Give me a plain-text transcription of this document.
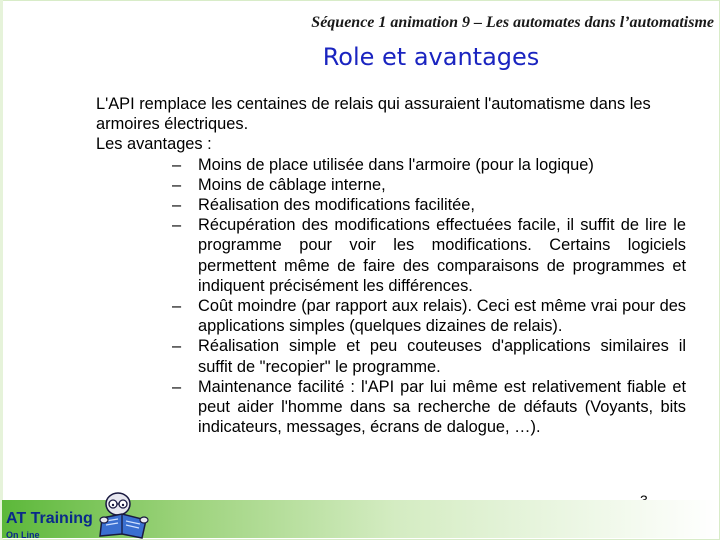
Séquence 1 animation 9 – Les automates dans l’automatisme
Role et avantages

L'API remplace les centaines de relais qui assuraient l'automatisme dans les armoires électriques.

Les avantages :

– Moins de place utilisée dans l'armoire (pour la logique)
– Moins de câblage interne,
– Réalisation des modifications facilitée,
– Récupération des modifications effectuées facile, il suffit de lire le programme pour voir les modifications. Certains logiciels permettent même de faire des comparaisons de programmes et indiquent précisément les différences.
– Coût moindre (par rapport aux relais). Ceci est même vrai pour des applications simples (quelques dizaines de relais).
– Réalisation simple et peu couteuses d'applications similaires il suffit de "recopier" le programme.
– Maintenance facilité : l'API par lui même est relativement fiable et peut aider l'homme dans sa recherche de défauts (Voyants, bits indicateurs, messages, écrans de dalogue, …).
AT Training
On Line
